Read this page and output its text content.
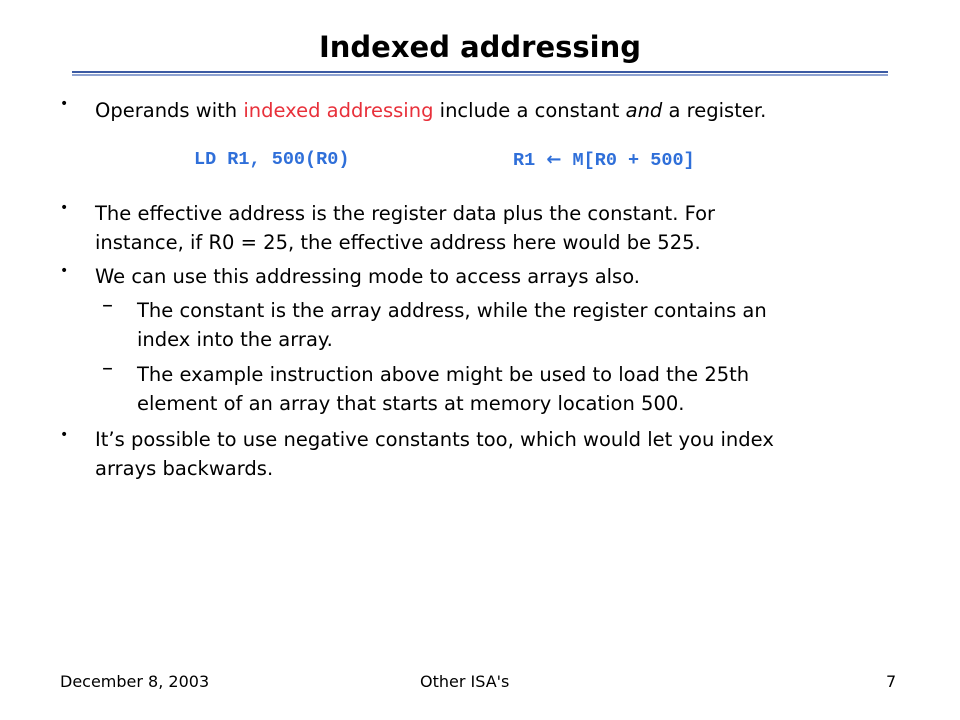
Indexed addressing
• Operands with indexed addressing include a constant and a register.

LD R1, 500(R0)	R1 ← M[R0 + 500]
• The effective address is the register data plus the constant. For
instance, if R0 = 25, the effective address here would be 525.

• We can use this addressing mode to access arrays also.

– The constant is the array address, while the register contains an
index into the array.

– The example instruction above might be used to load the 25th
element of an array that starts at memory location 500.

• It’s possible to use negative constants too, which would let you index
arrays backwards.

December 8, 2003	Other ISA's	7
